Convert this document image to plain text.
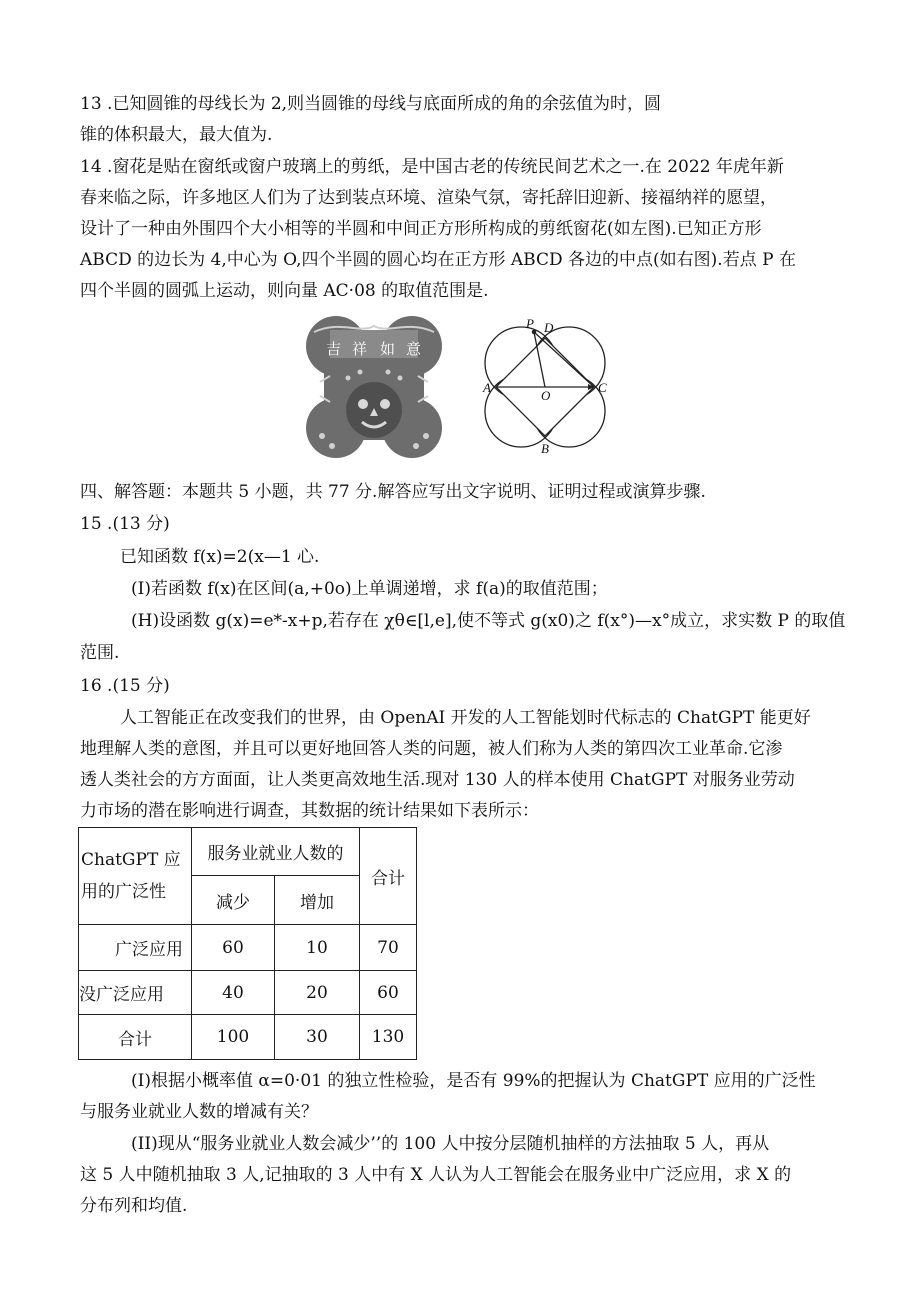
13 .已知圆锥的母线长为 2,则当圆锥的母线与底面所成的角的余弦值为时，圆
锥的体积最大，最大值为.
14 .窗花是贴在窗纸或窗户玻璃上的剪纸，是中国古老的传统民间艺术之一.在 2022 年虎年新
春来临之际，许多地区人们为了达到装点环境、渲染气氛，寄托辞旧迎新、接福纳祥的愿望，
设计了一种由外围四个大小相等的半圆和中间正方形所构成的剪纸窗花(如左图).已知正方形
ABCD 的边长为 4,中心为 O,四个半圆的圆心均在正方形 ABCD 各边的中点(如右图).若点 P 在
四个半圆的圆弧上运动，则向量 AC·08 的取值范围是.
吉 祥 如 意
P D
A
O
C
B
四、解答题：本题共 5 小题，共 77 分.解答应写出文字说明、证明过程或演算步骤.
15 .(13 分)
已知函数 f(x)=2(x—1 心.
(I)若函数 f(x)在区间(a,+0o)上单调递增，求 f(a)的取值范围；
(H)设函数 g(x)=e*-x+p,若存在 χθ∈[l,e],使不等式 g(x0)之 f(x°)—x°成立，求实数 P 的取值
范围.
16 .(15 分)
人工智能正在改变我们的世界，由 OpenAI 开发的人工智能划时代标志的 ChatGPT 能更好
地理解人类的意图，并且可以更好地回答人类的问题，被人们称为人类的第四次工业革命.它渗
透人类社会的方方面面，让人类更高效地生活.现对 130 人的样本使用 ChatGPT 对服务业劳动
力市场的潜在影响进行调查，其数据的统计结果如下表所示：
ChatGPT 应
用的广泛性	服务业就业人数的		合计
	减少	增加	
广泛应用	60	10	70
没广泛应用	40	20	60
合计	100	30	130
(I)根据小概率值 α=0·01 的独立性检验，是否有 99%的把握认为 ChatGPT 应用的广泛性
与服务业就业人数的增减有关？
(II)现从“服务业就业人数会减少’’的 100 人中按分层随机抽样的方法抽取 5 人，再从
这 5 人中随机抽取 3 人,记抽取的 3 人中有 X 人认为人工智能会在服务业中广泛应用，求 X 的
分布列和均值.
